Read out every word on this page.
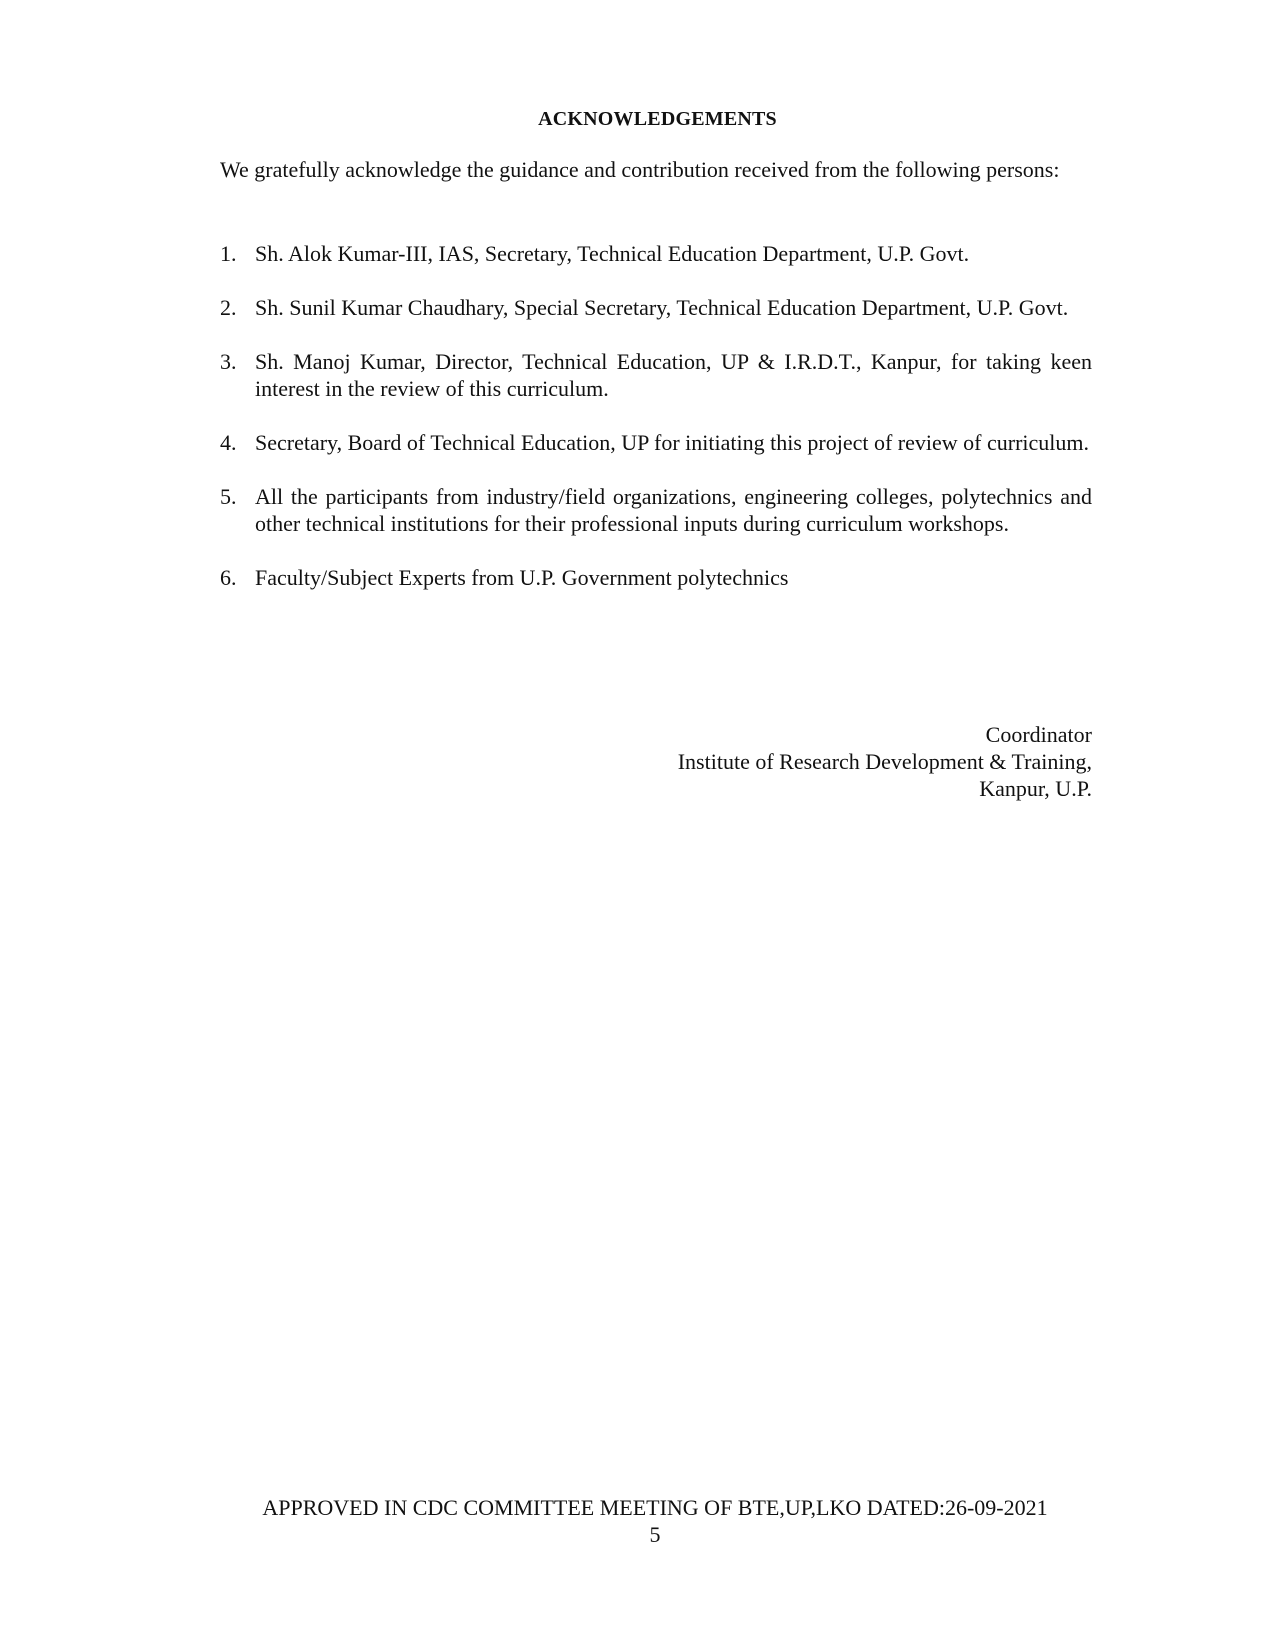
ACKNOWLEDGEMENTS

We gratefully acknowledge the guidance and contribution received from the following persons:

1. Sh. Alok Kumar-III, IAS, Secretary, Technical Education Department, U.P. Govt.
2. Sh. Sunil Kumar Chaudhary, Special Secretary, Technical Education Department, U.P. Govt.
3. Sh. Manoj Kumar, Director, Technical Education, UP & I.R.D.T., Kanpur, for taking keen interest in the review of this curriculum.
4. Secretary, Board of Technical Education, UP for initiating this project of review of curriculum.
5. All the participants from industry/field organizations, engineering colleges, polytechnics and other technical institutions for their professional inputs during curriculum workshops.
6. Faculty/Subject Experts from U.P. Government polytechnics
Coordinator
Institute of Research Development & Training,
Kanpur, U.P.
APPROVED IN CDC COMMITTEE MEETING OF BTE,UP,LKO DATED:26-09-2021
5
